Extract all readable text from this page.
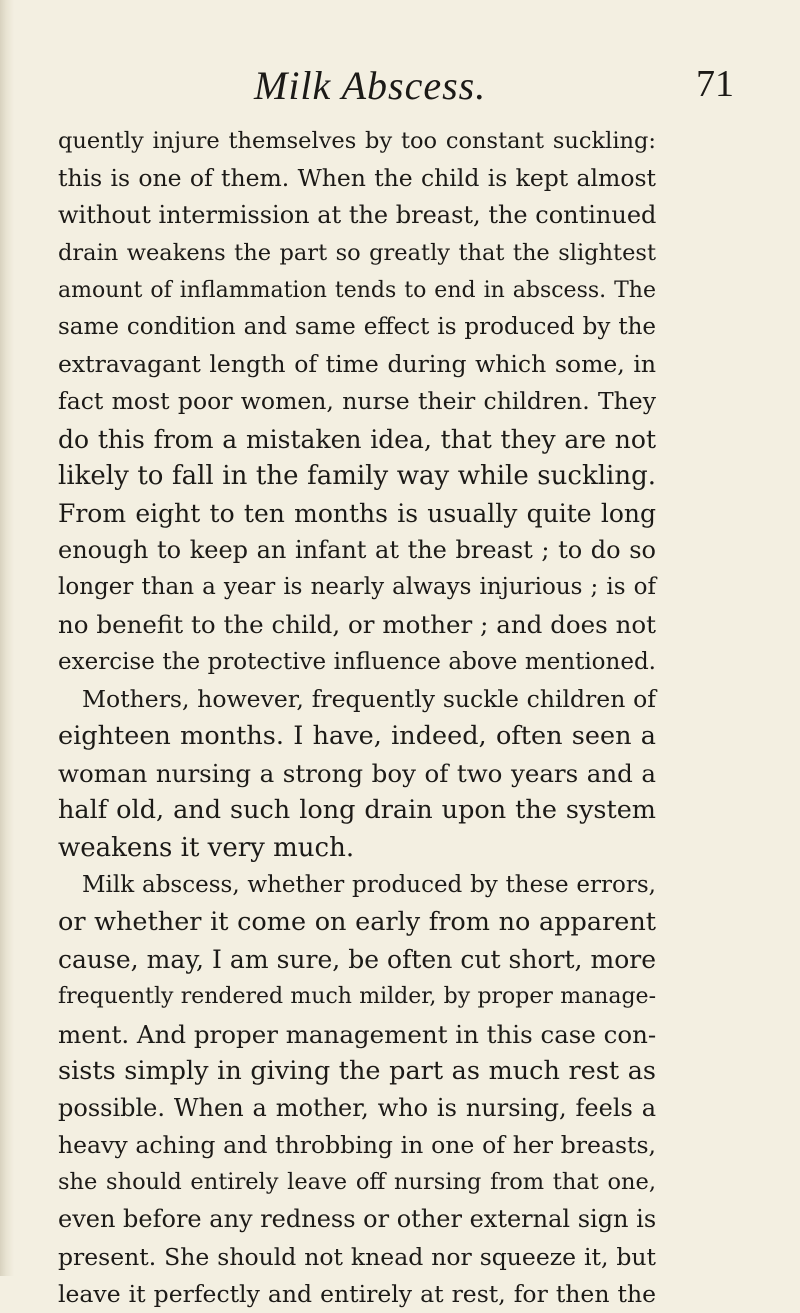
Milk Abscess.	71
quently injure themselves by too constant suckling:
this is one of them. When the child is kept almost
without intermission at the breast, the continued
drain weakens the part so greatly that the slightest
amount of inflammation tends to end in abscess. The
same condition and same effect is produced by the
extravagant length of time during which some, in
fact most poor women, nurse their children. They
do this from a mistaken idea, that they are not
likely to fall in the family way while suckling.
From eight to ten months is usually quite long
enough to keep an infant at the breast ; to do so
longer than a year is nearly always injurious ; is of
no benefit to the child, or mother ; and does not
exercise the protective influence above mentioned.
Mothers, however, frequently suckle children of
eighteen months. I have, indeed, often seen a
woman nursing a strong boy of two years and a
half old, and such long drain upon the system
weakens it very much.
Milk abscess, whether produced by these errors,
or whether it come on early from no apparent
cause, may, I am sure, be often cut short, more
frequently rendered much milder, by proper manage-
ment. And proper management in this case con-
sists simply in giving the part as much rest as
possible. When a mother, who is nursing, feels a
heavy aching and throbbing in one of her breasts,
she should entirely leave off nursing from that one,
even before any redness or other external sign is
present. She should not knead nor squeeze it, but
leave it perfectly and entirely at rest, for then the
